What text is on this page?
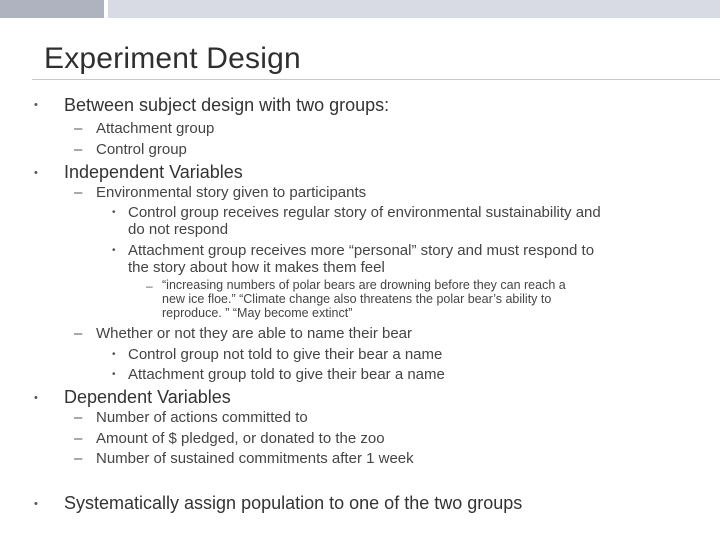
Experiment Design
• Between subject design with two groups:
– Attachment group
– Control group
• Independent Variables
– Environmental story given to participants
• Control group receives regular story of environmental sustainability and
do not respond
• Attachment group receives more “personal” story and must respond to
the story about how it makes them feel
– “increasing numbers of polar bears are drowning before they can reach a
new ice floe.” “Climate change also threatens the polar bear’s ability to
reproduce. ” “May become extinct”
– Whether or not they are able to name their bear
• Control group not told to give their bear a name
• Attachment group told to give their bear a name
• Dependent Variables
– Number of actions committed to
– Amount of $ pledged, or donated to the zoo
– Number of sustained commitments after 1 week
• Systematically assign population to one of the two groups
